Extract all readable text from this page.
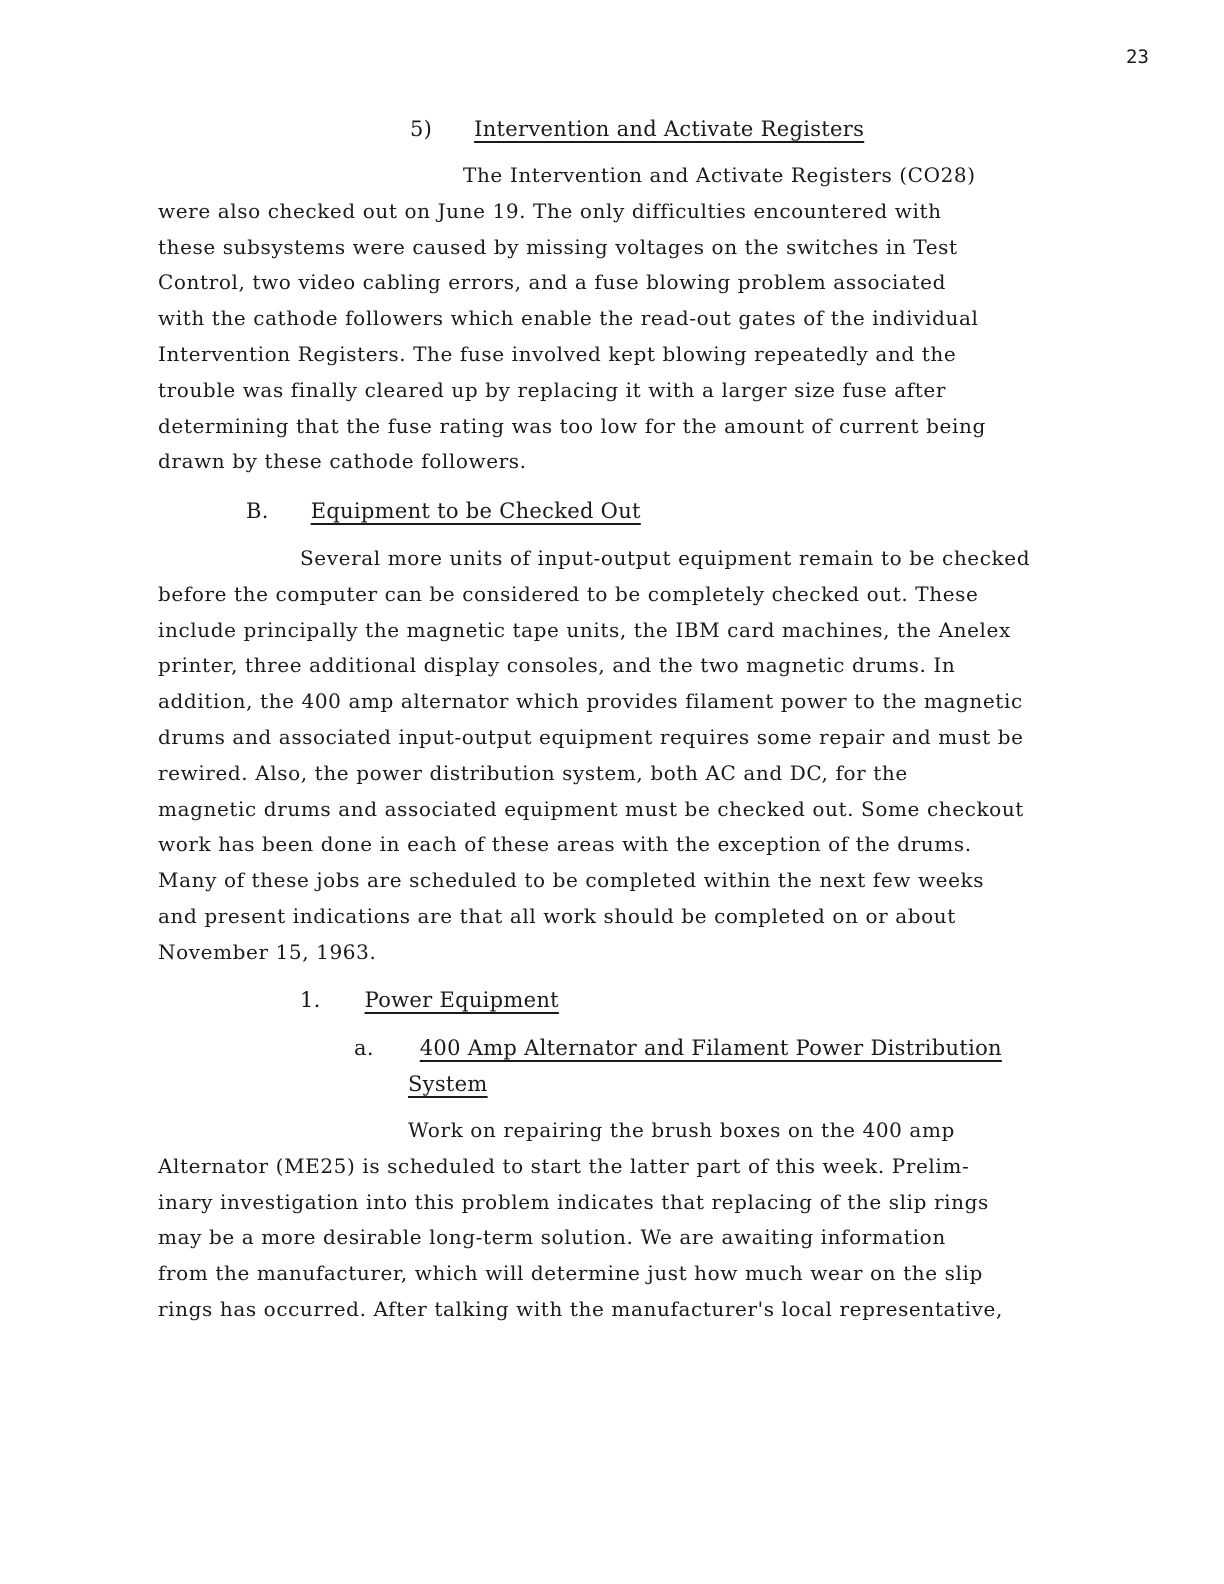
23
5) Intervention and Activate Registers
The Intervention and Activate Registers (CO28)
were also checked out on June 19. The only difficulties encountered with
these subsystems were caused by missing voltages on the switches in Test
Control, two video cabling errors, and a fuse blowing problem associated
with the cathode followers which enable the read-out gates of the individual
Intervention Registers. The fuse involved kept blowing repeatedly and the
trouble was finally cleared up by replacing it with a larger size fuse after
determining that the fuse rating was too low for the amount of current being
drawn by these cathode followers.
B. Equipment to be Checked Out
Several more units of input-output equipment remain to be checked
before the computer can be considered to be completely checked out. These
include principally the magnetic tape units, the IBM card machines, the Anelex
printer, three additional display consoles, and the two magnetic drums. In
addition, the 400 amp alternator which provides filament power to the magnetic
drums and associated input-output equipment requires some repair and must be
rewired. Also, the power distribution system, both AC and DC, for the
magnetic drums and associated equipment must be checked out. Some checkout
work has been done in each of these areas with the exception of the drums.
Many of these jobs are scheduled to be completed within the next few weeks
and present indications are that all work should be completed on or about
November 15, 1963.
1. Power Equipment
a. 400 Amp Alternator and Filament Power Distribution
System
Work on repairing the brush boxes on the 400 amp
Alternator (ME25) is scheduled to start the latter part of this week. Prelim-
inary investigation into this problem indicates that replacing of the slip rings
may be a more desirable long-term solution. We are awaiting information
from the manufacturer, which will determine just how much wear on the slip
rings has occurred. After talking with the manufacturer's local representative,
